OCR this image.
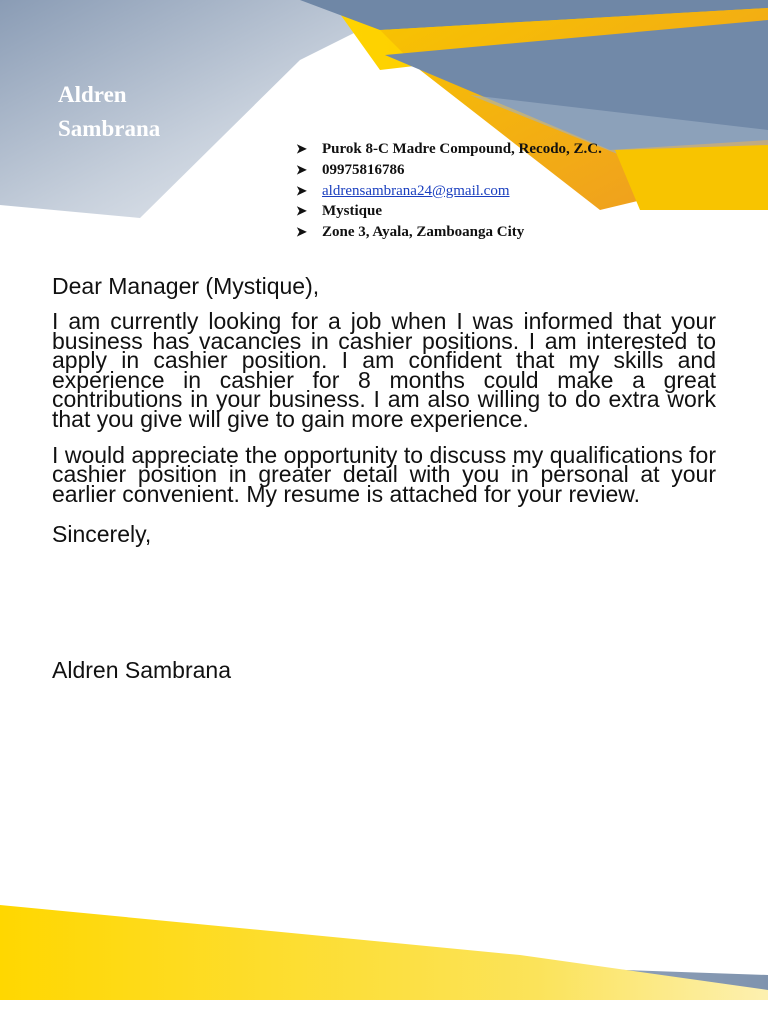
Aldren
Sambrana
➤	Purok 8-C Madre Compound, Recodo, Z.C.
➤	09975816786
➤	aldrensambrana24@gmail.com
➤	Mystique
➤	Zone 3, Ayala, Zamboanga City

Dear Manager (Mystique),

I am currently looking for a job when I was informed that your business has vacancies in cashier positions. I am interested to apply in cashier position. I am confident that my skills and experience in cashier for 8 months could make a great contributions in your business. I am also willing to do extra work that you give will give to gain more experience.

I would appreciate the opportunity to discuss my qualifications for cashier position in greater detail with you in personal at your earlier convenient. My resume is attached for your review.

Sincerely,

Aldren Sambrana
